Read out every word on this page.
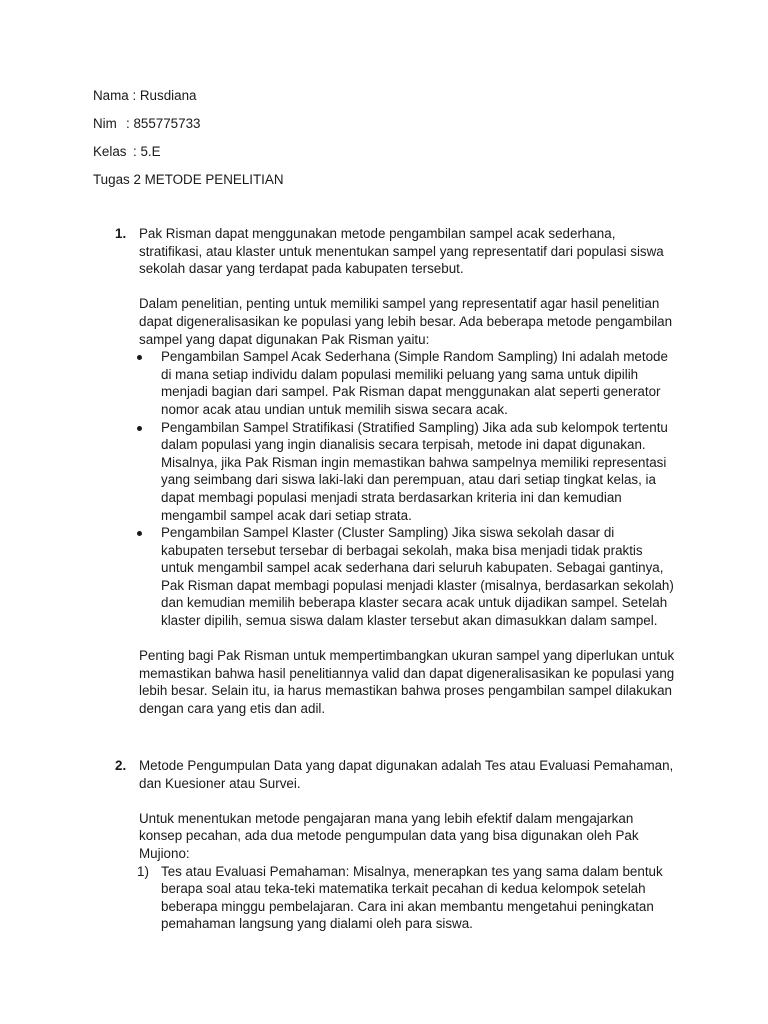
Nama : Rusdiana
Nim : 855775733
Kelas : 5.E
Tugas 2 METODE PENELITIAN
1. Pak Risman dapat menggunakan metode pengambilan sampel acak sederhana, stratifikasi, atau klaster untuk menentukan sampel yang representatif dari populasi siswa sekolah dasar yang terdapat pada kabupaten tersebut.

Dalam penelitian, penting untuk memiliki sampel yang representatif agar hasil penelitian dapat digeneralisasikan ke populasi yang lebih besar. Ada beberapa metode pengambilan sampel yang dapat digunakan Pak Risman yaitu:

Pengambilan Sampel Acak Sederhana (Simple Random Sampling) Ini adalah metode di mana setiap individu dalam populasi memiliki peluang yang sama untuk dipilih menjadi bagian dari sampel. Pak Risman dapat menggunakan alat seperti generator nomor acak atau undian untuk memilih siswa secara acak.
Pengambilan Sampel Stratifikasi (Stratified Sampling) Jika ada sub kelompok tertentu dalam populasi yang ingin dianalisis secara terpisah, metode ini dapat digunakan. Misalnya, jika Pak Risman ingin memastikan bahwa sampelnya memiliki representasi yang seimbang dari siswa laki-laki dan perempuan, atau dari setiap tingkat kelas, ia dapat membagi populasi menjadi strata berdasarkan kriteria ini dan kemudian mengambil sampel acak dari setiap strata.
Pengambilan Sampel Klaster (Cluster Sampling) Jika siswa sekolah dasar di kabupaten tersebut tersebar di berbagai sekolah, maka bisa menjadi tidak praktis untuk mengambil sampel acak sederhana dari seluruh kabupaten. Sebagai gantinya, Pak Risman dapat membagi populasi menjadi klaster (misalnya, berdasarkan sekolah) dan kemudian memilih beberapa klaster secara acak untuk dijadikan sampel. Setelah klaster dipilih, semua siswa dalam klaster tersebut akan dimasukkan dalam sampel.

Penting bagi Pak Risman untuk mempertimbangkan ukuran sampel yang diperlukan untuk memastikan bahwa hasil penelitiannya valid dan dapat digeneralisasikan ke populasi yang lebih besar. Selain itu, ia harus memastikan bahwa proses pengambilan sampel dilakukan dengan cara yang etis dan adil.

2. Metode Pengumpulan Data yang dapat digunakan adalah Tes atau Evaluasi Pemahaman, dan Kuesioner atau Survei.

Untuk menentukan metode pengajaran mana yang lebih efektif dalam mengajarkan konsep pecahan, ada dua metode pengumpulan data yang bisa digunakan oleh Pak Mujiono:

1) Tes atau Evaluasi Pemahaman: Misalnya, menerapkan tes yang sama dalam bentuk berapa soal atau teka-teki matematika terkait pecahan di kedua kelompok setelah beberapa minggu pembelajaran. Cara ini akan membantu mengetahui peningkatan pemahaman langsung yang dialami oleh para siswa.
